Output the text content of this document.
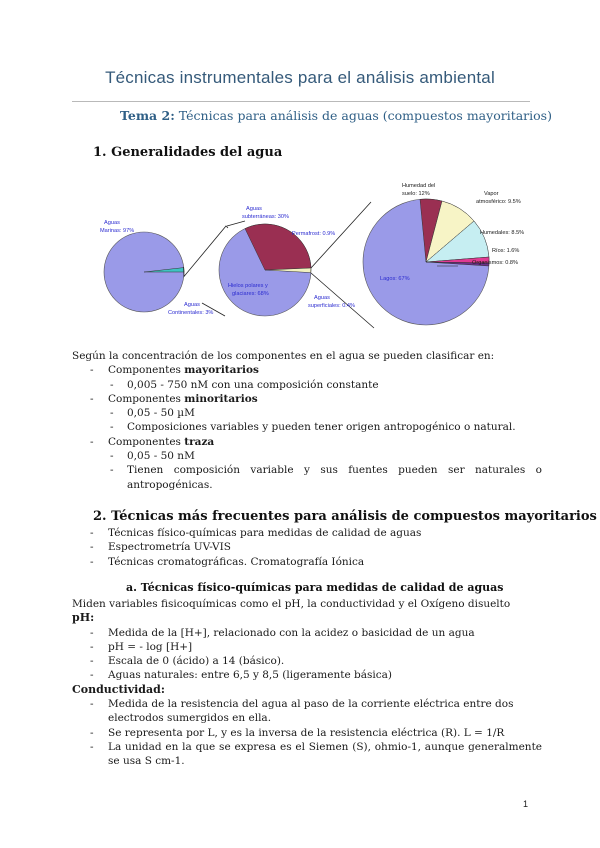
Técnicas instrumentales para el análisis ambiental
Tema 2: Técnicas para análisis de aguas (compuestos mayoritarios)
1. Generalidades del agua
Aguas
Marinas: 97%
Aguas
Continentales: 3%
Aguas
subterráneas: 30%
Permafrost: 0.9%
Hielos polares y
glaciares: 68%
Aguas
superficiales: 0.4%
Lagos: 67%
Humedad del
suelo: 12%	Vapor
atmosférico: 9.5%
Humedales: 8.5%
Ríos: 1.6%
Organismos: 0.8%

Según la concentración de los componentes en el agua se pueden clasificar en:

- Componentes mayoritarios
- 0,005 - 750 nM con una composición constante
- Componentes minoritarios
- 0,05 - 50 µM
- Composiciones variables y pueden tener origen antropogénico o natural.
- Componentes traza
- 0,05 - 50 nM
- Tienen composición variable y sus fuentes pueden ser naturales o antropogénicas.
2. Técnicas más frecuentes para análisis de compuestos mayoritarios
- Técnicas físico-químicas para medidas de calidad de aguas
- Espectrometría UV-VIS
- Técnicas cromatográficas. Cromatografía Iónica
a. Técnicas físico-químicas para medidas de calidad de aguas

Miden variables fisicoquímicas como el pH, la conductividad y el Oxígeno disuelto

pH:
- Medida de la [H+], relacionado con la acidez o basicidad de un agua
- pH = - log [H+]
- Escala de 0 (ácido) a 14 (básico).
- Aguas naturales: entre 6,5 y 8,5 (ligeramente básica)
Conductividad:
- Medida de la resistencia del agua al paso de la corriente eléctrica entre dos electrodos sumergidos en ella.
- Se representa por L, y es la inversa de la resistencia eléctrica (R). L = 1/R
- La unidad en la que se expresa es el Siemen (S), ohmio-1, aunque generalmente se usa S cm-1.
1
